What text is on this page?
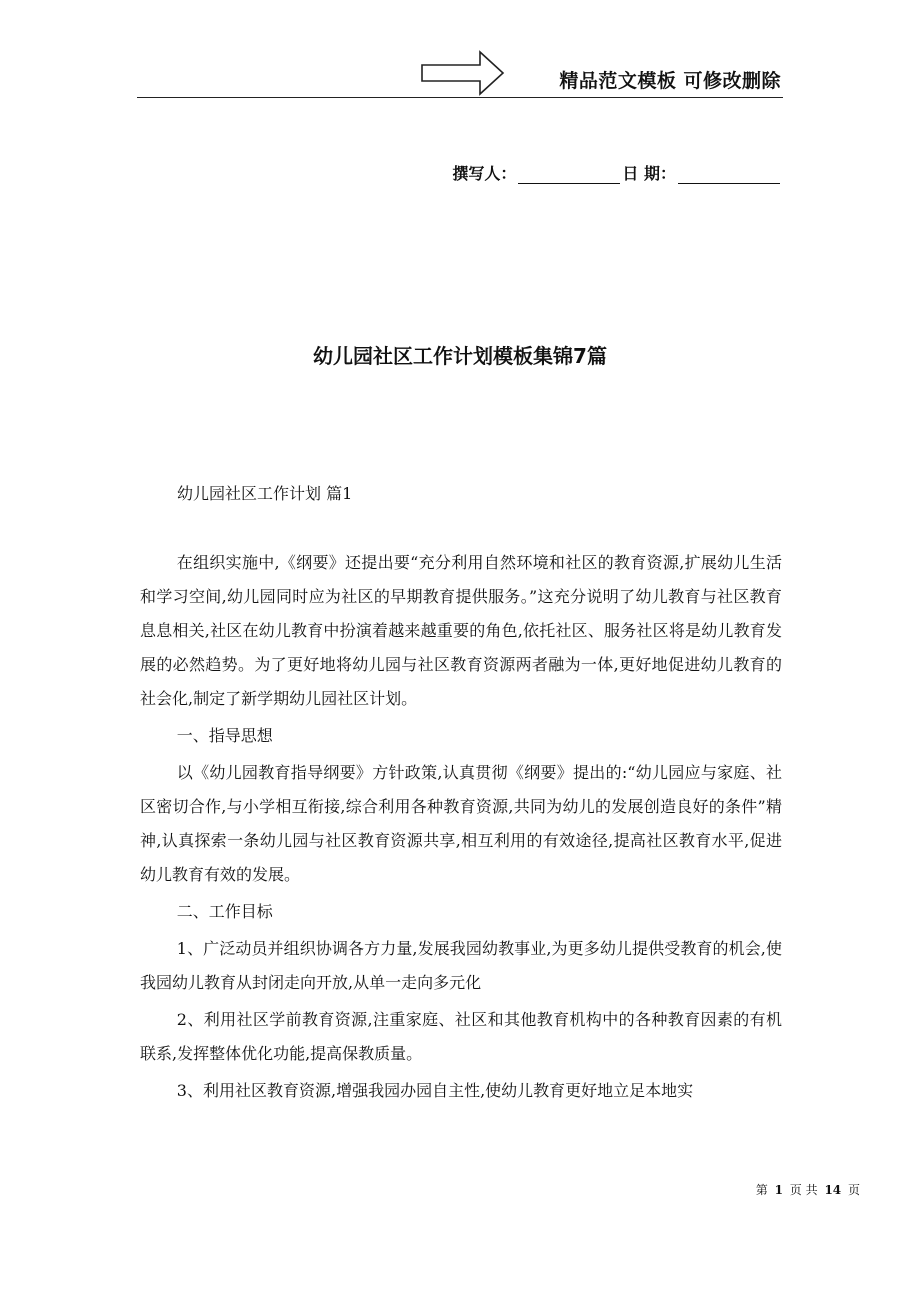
精品范文模板 可修改删除
撰写人：	日 期：
幼儿园社区工作计划模板集锦7篇
幼儿园社区工作计划 篇1

在组织实施中,《纲要》还提出要“充分利用自然环境和社区的教育资源,扩展幼儿生活和学习空间,幼儿园同时应为社区的早期教育提供服务。”这充分说明了幼儿教育与社区教育息息相关,社区在幼儿教育中扮演着越来越重要的角色,依托社区、服务社区将是幼儿教育发展的必然趋势。为了更好地将幼儿园与社区教育资源两者融为一体,更好地促进幼儿教育的社会化,制定了新学期幼儿园社区计划。

一、指导思想

以《幼儿园教育指导纲要》方针政策,认真贯彻《纲要》提出的:“幼儿园应与家庭、社区密切合作,与小学相互衔接,综合利用各种教育资源,共同为幼儿的发展创造良好的条件”精神,认真探索一条幼儿园与社区教育资源共享,相互利用的有效途径,提高社区教育水平,促进幼儿教育有效的发展。

二、工作目标

1、广泛动员并组织协调各方力量,发展我园幼教事业,为更多幼儿提供受教育的机会,使我园幼儿教育从封闭走向开放,从单一走向多元化

2、利用社区学前教育资源,注重家庭、社区和其他教育机构中的各种教育因素的有机联系,发挥整体优化功能,提高保教质量。

3、利用社区教育资源,增强我园办园自主性,使幼儿教育更好地立足本地实

第 1 页 共 14 页
